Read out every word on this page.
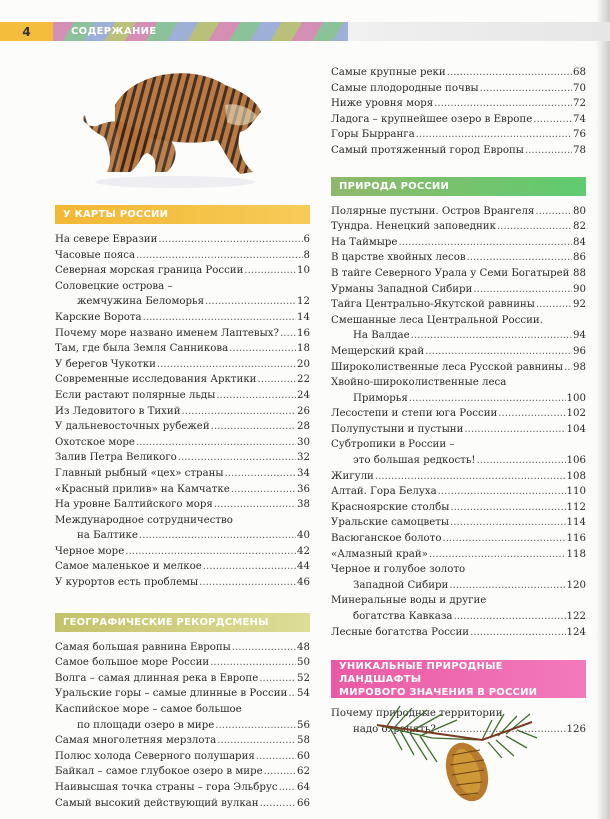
4	СОДЕРЖАНИЕ
У КАРТЫ РОССИИ
На севере Евразии .....	6
Часовые пояса .....	8
Северная морская граница России .....	10
Соловецкие острова –
жемчужина Беломорья .....	12
Карские Ворота .....	14
Почему море названо именем Лаптевых? ..... 16
Там, где была Земля Санникова .....	18
У берегов Чукотки .....	20
Современные исследования Арктики .....	22
Если растают полярные льды .....	24
Из Ледовитого в Тихий .....	26
У дальневосточных рубежей .....	28
Охотское море .....	30
Залив Петра Великого .....	32
Главный рыбный «цех» страны .....	34
«Красный прилив» на Камчатке .....	36
На уровне Балтийского моря .....	38
Международное сотрудничество
на Балтике .....	40
Черное море .....	42
Самое маленькое и мелкое .....	44
У курортов есть проблемы .....	46
ГЕОГРАФИЧЕСКИЕ РЕКОРДСМЕНЫ
Самая большая равнина Европы .....	48
Самое большое море России .....	50
Волга – самая длинная река в Европе .....	52
Уральские горы – самые длинные в России ..... 54
Каспийское море – самое большое
по площади озеро в мире .....	56
Самая многолетняя мерзлота .....	58
Полюс холода Северного полушария .....	60
Байкал – самое глубокое озеро в мире .....	62
Наивысшая точка страны – гора Эльбрус ..... 64
Самый высокий действующий вулкан .....	66
Самые крупные реки .....	68
Самые плодородные почвы .....	70
Ниже уровня моря .....	72
Ладога – крупнейшее озеро в Европе .....	74
Горы Бырранга .....	76
Самый протяженный город Европы .....	78
ПРИРОДА РОССИИ
Полярные пустыни. Остров Врангеля .....	80
Тундра. Ненецкий заповедник .....	82
На Таймыре .....	84
В царстве хвойных лесов .....	86
В тайге Северного Урала у Семи Богатырей ..... 88
Урманы Западной Сибири .....	90
Тайга Центрально-Якутской равнины .....	92
Смешанные леса Центральной России.
На Валдае .....	94
Мещерский край .....	96
Широколиственные леса Русской равнины ..... 98
Хвойно-широколиственные леса
Приморья .....	100
Лесостепи и степи юга России .....	102
Полупустыни и пустыни .....	104
Субтропики в России –
это большая редкость! .....	106
Жигули .....	108
Алтай. Гора Белуха .....	110
Красноярские столбы .....	112
Уральские самоцветы .....	114
Васюганское болото .....	116
«Алмазный край» .....	118
Черное и голубое золото
Западной Сибири .....	120
Минеральные воды и другие
богатства Кавказа .....	122
Лесные богатства России .....	124
УНИКАЛЬНЫЕ ПРИРОДНЫЕ ЛАНДШАФТЫ
МИРОВОГО ЗНАЧЕНИЯ В РОССИИ
Почему природные территории
надо охранять? .....	126
